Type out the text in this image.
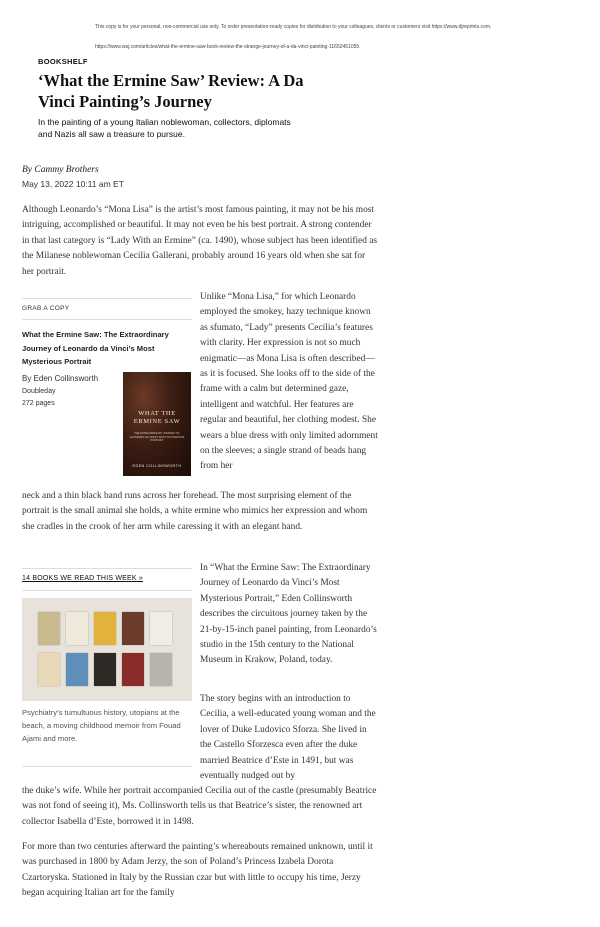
This copy is for your personal, non-commercial use only. To order presentation-ready copies for distribution to your colleagues, clients or customers visit https://www.djreprints.com.
https://www.wsj.com/articles/what-the-ermine-saw-book-review-the-strange-journey-of-a-da-vinci-painting-11652451055
BOOKSHELF
‘What the Ermine Saw’ Review: A Da Vinci Painting’s Journey
In the painting of a young Italian noblewoman, collectors, diplomats and Nazis all saw a treasure to pursue.
By Cammy Brothers
May 13, 2022 10:11 am ET

Although Leonardo’s “Mona Lisa” is the artist’s most famous painting, it may not be his most intriguing, accomplished or beautiful. It may not even be his best portrait. A strong contender in that last category is “Lady With an Ermine” (ca. 1490), whose subject has been identified as the Milanese noblewoman Cecilia Gallerani, probably around 16 years old when she sat for her portrait.

GRAB A COPY
What the Ermine Saw: The Extraordinary Journey of Leonardo da Vinci’s Most Mysterious Portrait
By Eden Collinsworth
Doubleday
272 pages
WHAT THE ERMINE SAW
THE EXTRAORDINARY JOURNEY OF LEONARDO DA VINCI'S MOST MYSTERIOUS PORTRAIT
EDEN COLLINSWORTH

Unlike “Mona Lisa,” for which Leonardo employed the smokey, hazy technique known as sfumato, “Lady” presents Cecilia’s features with clarity. Her expression is not so much enigmatic—as Mona Lisa is often described—as it is focused. She looks off to the side of the frame with a calm but determined gaze, intelligent and watchful. Her features are regular and beautiful, her clothing modest. She wears a blue dress with only limited adornment on the sleeves; a single strand of beads hang from her

neck and a thin black band runs across her forehead. The most surprising element of the portrait is the small animal she holds, a white ermine who mimics her expression and whom she cradles in the crook of her arm while caressing it with an elegant hand.

14 BOOKS WE READ THIS WEEK »
Psychiatry’s tumultuous history, utopians at the beach, a moving childhood memoir from Fouad Ajami and more.

In “What the Ermine Saw: The Extraordinary Journey of Leonardo da Vinci’s Most Mysterious Portrait,” Eden Collinsworth describes the circuitous journey taken by the 21-by-15-inch panel painting, from Leonardo’s studio in the 15th century to the National Museum in Krakow, Poland, today.

The story begins with an introduction to Cecilia, a well-educated young woman and the lover of Duke Ludovico Sforza. She lived in the Castello Sforzesca even after the duke married Beatrice d’Este in 1491, but was eventually nudged out by

the duke’s wife. While her portrait accompanied Cecilia out of the castle (presumably Beatrice was not fond of seeing it), Ms. Collinsworth tells us that Beatrice’s sister, the renowned art collector Isabella d’Este, borrowed it in 1498.

For more than two centuries afterward the painting’s whereabouts remained unknown, until it was purchased in 1800 by Adam Jerzy, the son of Poland’s Princess Izabela Dorota Czartoryska. Stationed in Italy by the Russian czar but with little to occupy his time, Jerzy began acquiring Italian art for the family
